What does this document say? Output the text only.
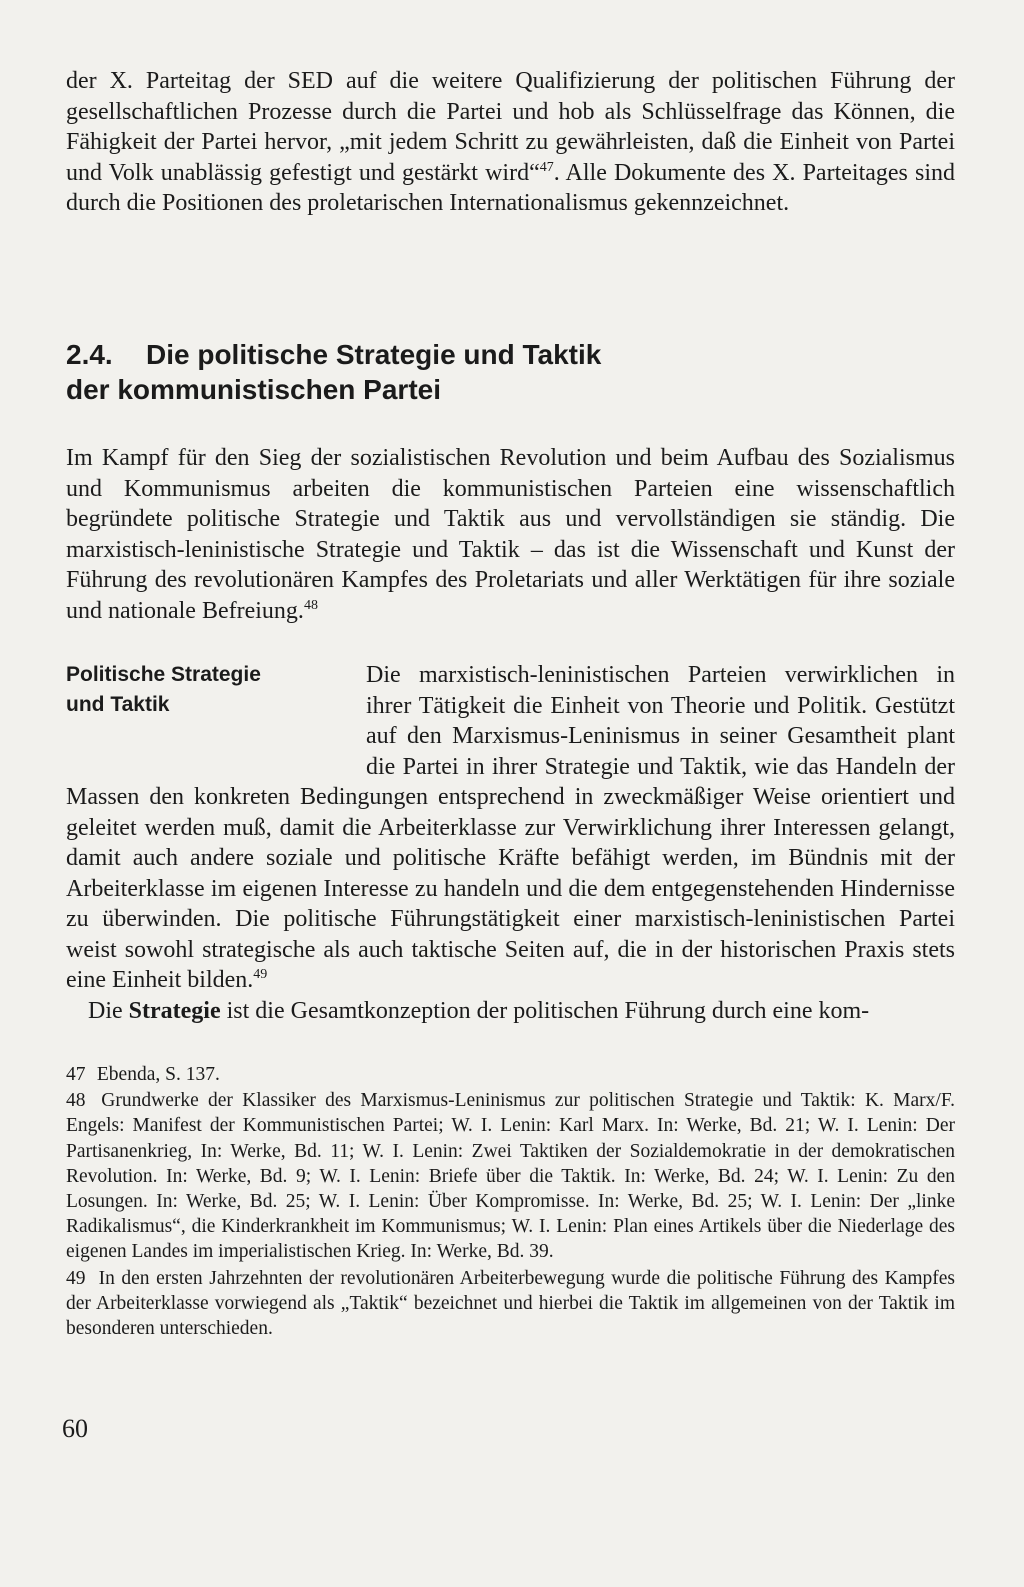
der X. Parteitag der SED auf die weitere Qualifizierung der politischen Führung der gesellschaftlichen Prozesse durch die Partei und hob als Schlüsselfrage das Können, die Fähigkeit der Partei hervor, „mit jedem Schritt zu gewährleisten, daß die Einheit von Partei und Volk unablässig gefestigt und gestärkt wird“$^{47}$. Alle Dokumente des X. Parteitages sind durch die Positionen des proletarischen Internationalismus gekennzeichnet.
2.4. Die politische Strategie und Taktik
der kommunistischen Partei
Im Kampf für den Sieg der sozialistischen Revolution und beim Aufbau des Sozialismus und Kommunismus arbeiten die kommunistischen Parteien eine wissenschaftlich begründete politische Strategie und Taktik aus und vervollständigen sie ständig. Die marxistisch-leninistische Strategie und Taktik – das ist die Wissenschaft und Kunst der Führung des revolutionären Kampfes des Proletariats und aller Werktätigen für ihre soziale und nationale Befreiung.$^{48}$
Politische Strategie
und Taktik
Die marxistisch-leninistischen Parteien verwirklichen in ihrer Tätigkeit die Einheit von Theorie und Politik. Gestützt auf den Marxismus-Leninismus in seiner Gesamtheit plant die Partei in ihrer Strategie und Taktik, wie das Handeln der Massen den konkreten Bedingungen entsprechend in zweckmäßiger Weise orientiert und geleitet werden muß, damit die Arbeiterklasse zur Verwirklichung ihrer Interessen gelangt, damit auch andere soziale und politische Kräfte befähigt werden, im Bündnis mit der Arbeiterklasse im eigenen Interesse zu handeln und die dem entgegenstehenden Hindernisse zu überwinden. Die politische Führungstätigkeit einer marxistisch-leninistischen Partei weist sowohl strategische als auch taktische Seiten auf, die in der historischen Praxis stets eine Einheit bilden.$^{49}$
Die Strategie ist die Gesamtkonzeption der politischen Führung durch eine kom-
47 Ebenda, S. 137.
48 Grundwerke der Klassiker des Marxismus-Leninismus zur politischen Strategie und Taktik: K. Marx/F. Engels: Manifest der Kommunistischen Partei; W. I. Lenin: Karl Marx. In: Werke, Bd. 21; W. I. Lenin: Der Partisanenkrieg, In: Werke, Bd. 11; W. I. Lenin: Zwei Taktiken der Sozialdemokratie in der demokratischen Revolution. In: Werke, Bd. 9; W. I. Lenin: Briefe über die Taktik. In: Werke, Bd. 24; W. I. Lenin: Zu den Losungen. In: Werke, Bd. 25; W. I. Lenin: Über Kompromisse. In: Werke, Bd. 25; W. I. Lenin: Der „linke Radikalismus“, die Kinderkrankheit im Kommunismus; W. I. Lenin: Plan eines Artikels über die Niederlage des eigenen Landes im imperialistischen Krieg. In: Werke, Bd. 39.
49 In den ersten Jahrzehnten der revolutionären Arbeiterbewegung wurde die politische Führung des Kampfes der Arbeiterklasse vorwiegend als „Taktik“ bezeichnet und hierbei die Taktik im allgemeinen von der Taktik im besonderen unterschieden.
60
